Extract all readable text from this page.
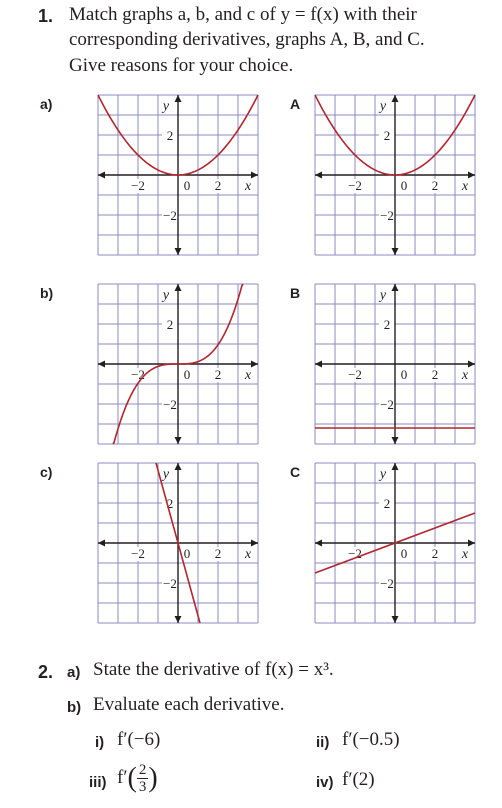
1. Match graphs a, b, and c of y = f(x) with their
corresponding derivatives, graphs A, B, and C.
Give reasons for your choice.
a)
−2	0 2
2
−2
x
y	A
−2	0 2
2
−2
x
y
b)
−2	0 2
2
−2
x
y	B
−2	0 2
2
−2
x
y
c)
−2	0 2
2
−2
x
y	C
−2	0 2
2
−2
x
y
2. a) State the derivative of f(x) = x³.
b) Evaluate each derivative.
i) f′(−6)	ii) f′(−0.5)
iii) $f'( \frac{2}{3}$ )	iv) f′(2)
